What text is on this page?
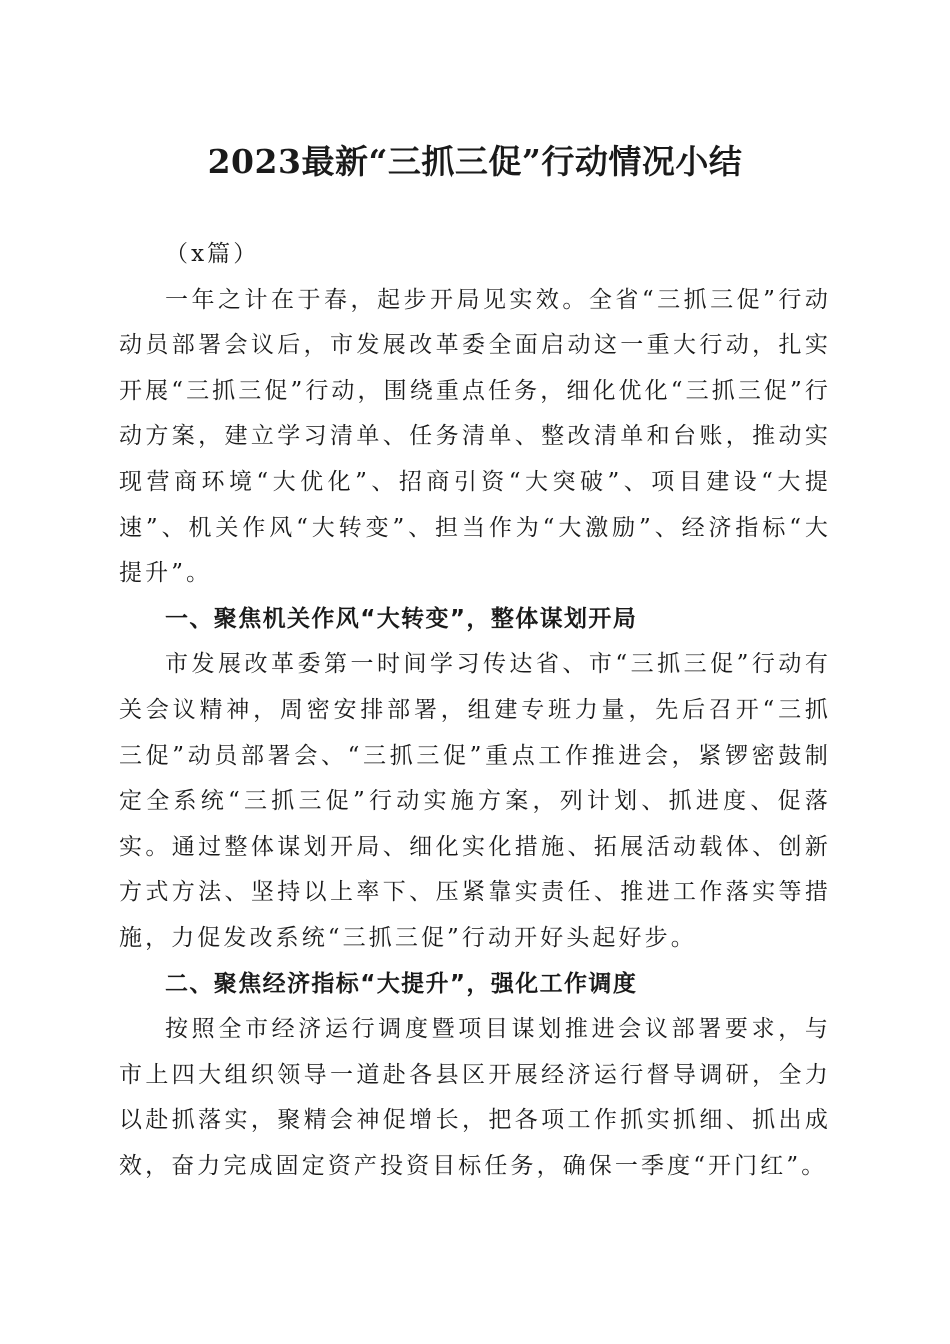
2023最新“三抓三促”行动情况小结

（x篇）

一年之计在于春，起步开局见实效。全省“三抓三促”行动动员部署会议后，市发展改革委全面启动这一重大行动，扎实开展“三抓三促”行动，围绕重点任务，细化优化“三抓三促”行动方案，建立学习清单、任务清单、整改清单和台账，推动实现营商环境“大优化”、招商引资“大突破”、项目建设“大提速”、机关作风“大转变”、担当作为“大激励”、经济指标“大提升”。

一、聚焦机关作风“大转变”，整体谋划开局

市发展改革委第一时间学习传达省、市“三抓三促”行动有关会议精神，周密安排部署，组建专班力量，先后召开“三抓三促”动员部署会、“三抓三促”重点工作推进会，紧锣密鼓制定全系统“三抓三促”行动实施方案，列计划、抓进度、促落实。通过整体谋划开局、细化实化措施、拓展活动载体、创新方式方法、坚持以上率下、压紧靠实责任、推进工作落实等措施，力促发改系统“三抓三促”行动开好头起好步。

二、聚焦经济指标“大提升”，强化工作调度

按照全市经济运行调度暨项目谋划推进会议部署要求，与市上四大组织领导一道赴各县区开展经济运行督导调研，全力以赴抓落实，聚精会神促增长，把各项工作抓实抓细、抓出成效，奋力完成固定资产投资目标任务，确保一季度“开门红”。
